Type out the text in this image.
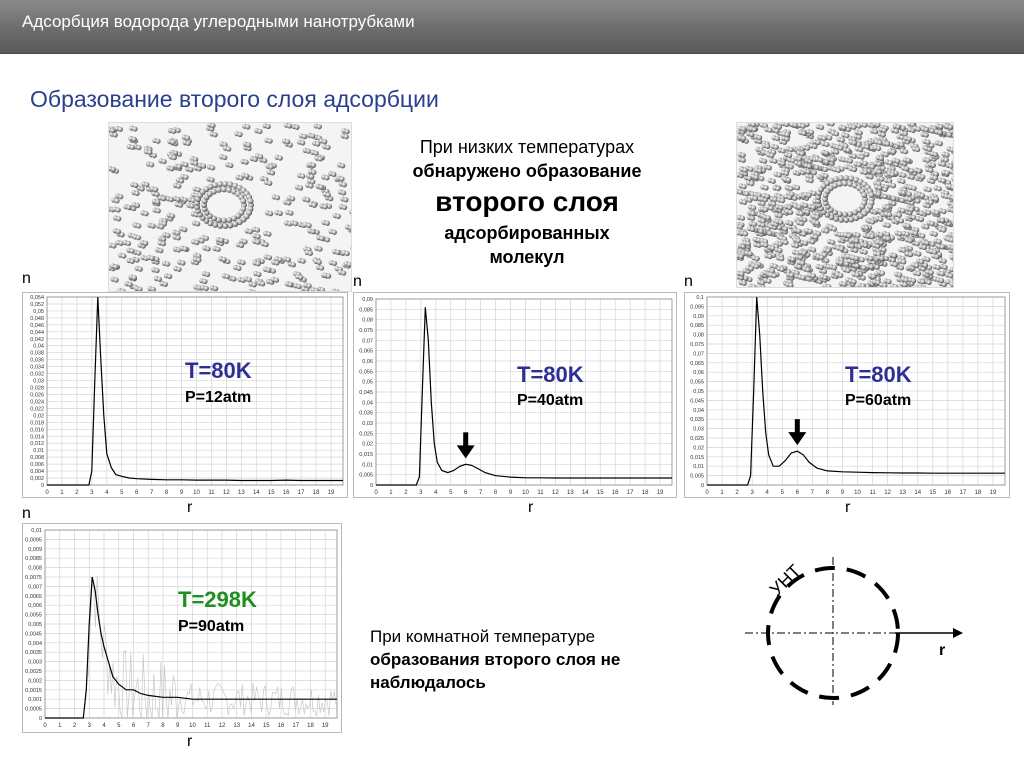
Адсорбция водорода углеродными нанотрубками
Образование второго слоя адсорбции
При низких температурах
обнаружено образование
второго слоя
адсорбированных
молекул
n	n	n
n	r	r	r
r
0
0,002
0,004
0,006
0,008
0,01
0,012
0,014
0,016
0,018
0,02
0,022
0,024
0,026
0,028
0,03
0,032
0,034
0,036
0,038
0,04
0,042
0,044
0,046
0,048
0,05
0,052
0,054
0 1 2 3 4 5 6 7 8 9 10 11 12 13 14 15 16 17 18 19
0
0,005
0,01
0,015
0,02
0,025
0,03
0,035
0,04
0,045
0,05
0,055
0,06
0,065
0,07
0,075
0,08
0,085
0,09
0 1 2 3 4 5 6 7 8 9 10 11 12 13 14 15 16 17 18 19
0
0,005
0,01
0,015
0,02
0,025
0,03
0,035
0,04
0,045
0,05
0,055
0,06
0,065
0,07
0,075
0,08
0,085
0,09
0,095
0,1
0 1 2 3 4 5 6 7 8 9 10 11 12 13 14 15 16 17 18 19
0
0,0005
0,001
0,0015
0,002
0,0025
0,003
0,0035
0,004
0,0045
0,005
0,0055
0,006
0,0065
0,007
0,0075
0,008
0,0085
0,009
0,0095
0,01
0 1 2 3 4 5 6 7 8 9 10 11 12 13 14 15 16 17 18 19
T=80K
P=12atm
T=80K
P=40atm
T=80K
P=60atm
T=298K
P=90atm
При комнатной температуре образования второго слоя не наблюдалось
УНТ
r
